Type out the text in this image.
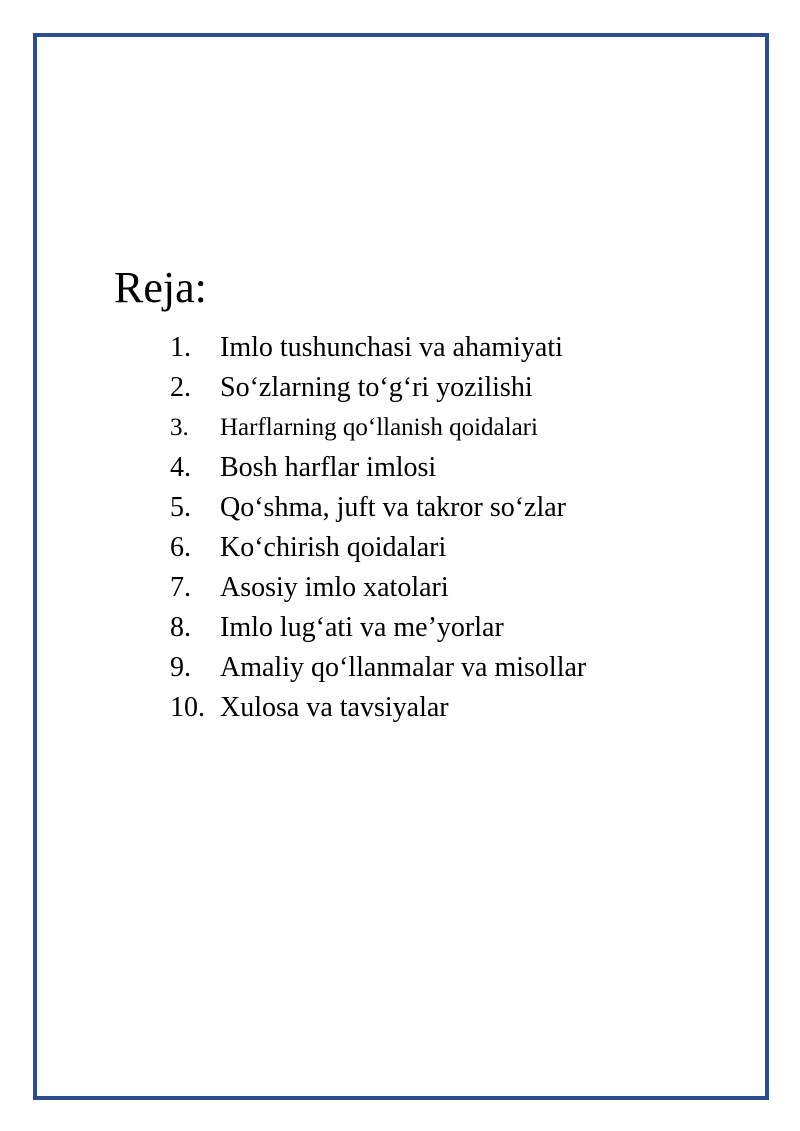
Reja:
1. Imlo tushunchasi va ahamiyati
2. So‘zlarning to‘g‘ri yozilishi
3. Harflarning qo‘llanish qoidalari
4. Bosh harflar imlosi
5. Qo‘shma, juft va takror so‘zlar
6. Ko‘chirish qoidalari
7. Asosiy imlo xatolari
8. Imlo lug‘ati va me’yorlar
9. Amaliy qo‘llanmalar va misollar
10. Xulosa va tavsiyalar
